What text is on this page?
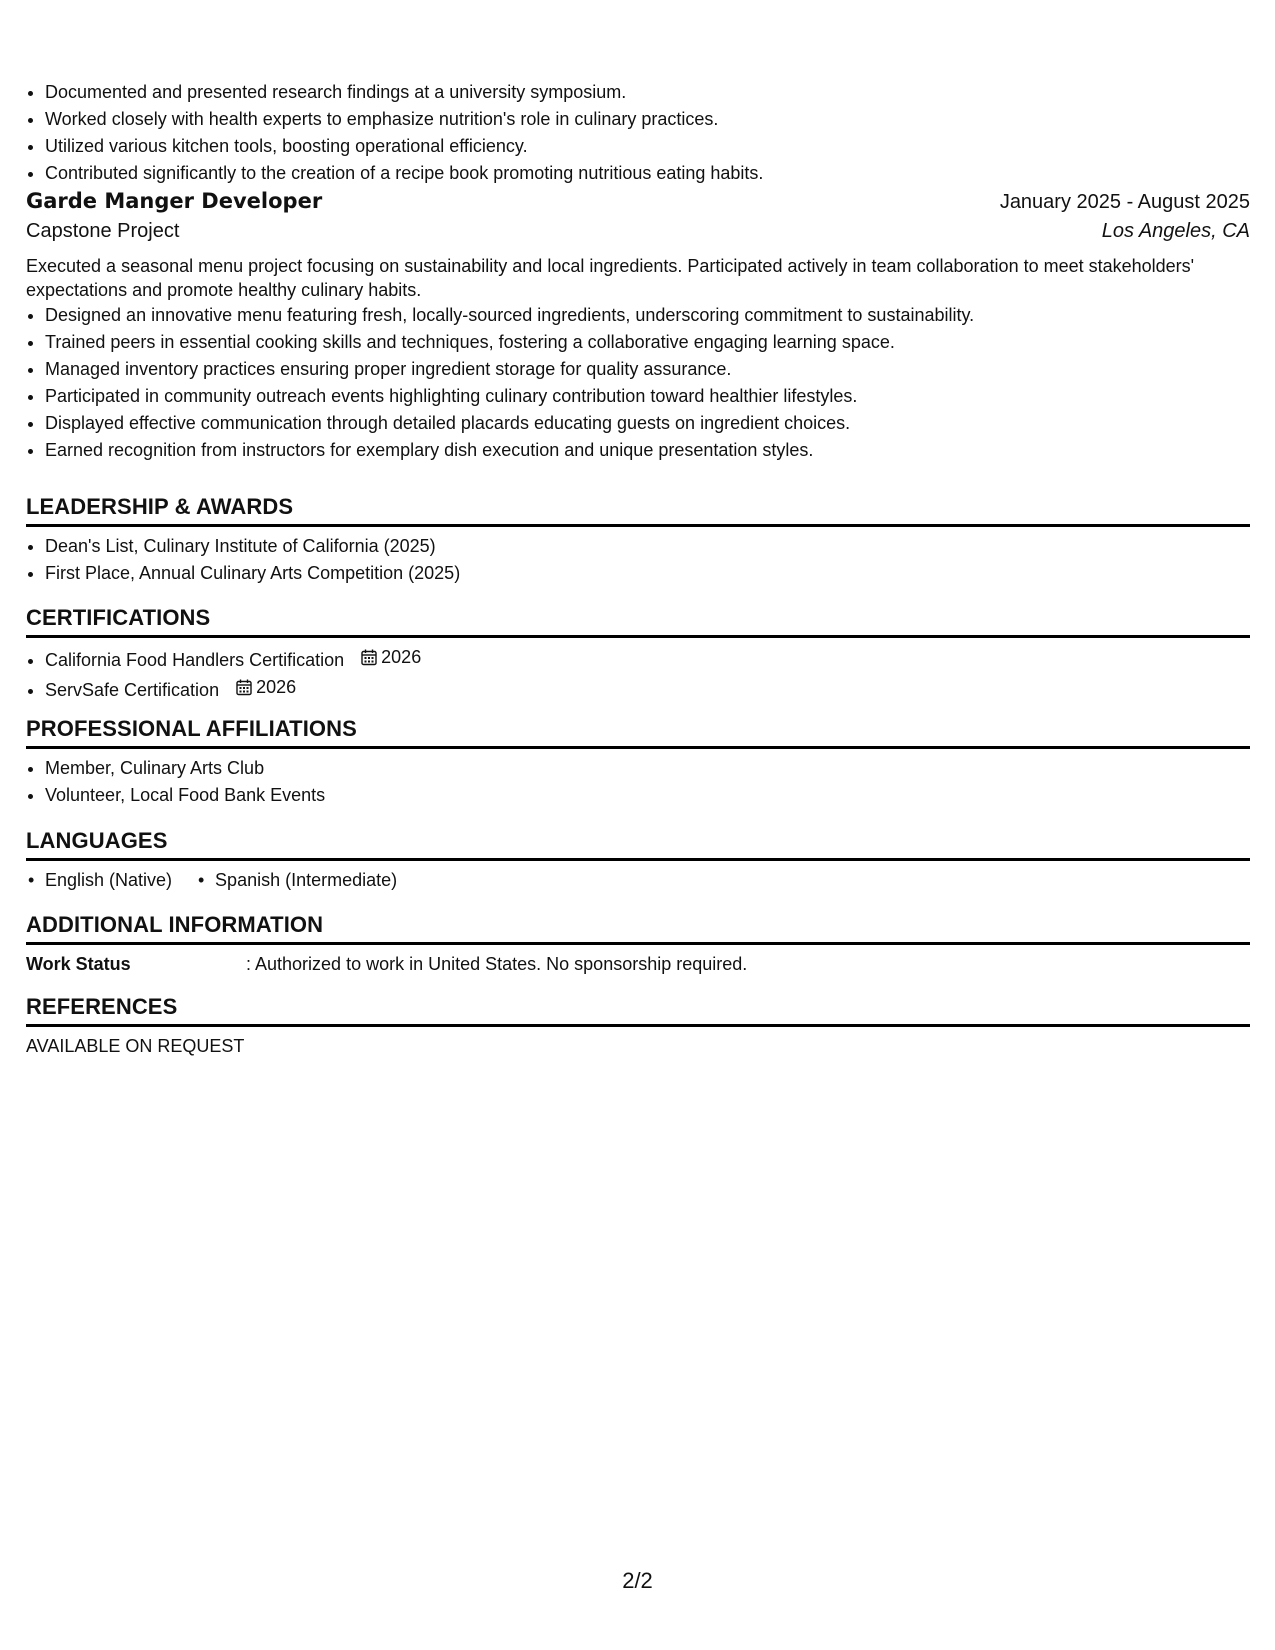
• Documented and presented research findings at a university symposium.
• Worked closely with health experts to emphasize nutrition's role in culinary practices.
• Utilized various kitchen tools, boosting operational efficiency.
• Contributed significantly to the creation of a recipe book promoting nutritious eating habits.
Garde Manger Developer	January 2025 - August 2025
Capstone Project	Los Angeles, CA
Executed a seasonal menu project focusing on sustainability and local ingredients. Participated actively in team collaboration to meet stakeholders' expectations and promote healthy culinary habits.
• Designed an innovative menu featuring fresh, locally-sourced ingredients, underscoring commitment to sustainability.
• Trained peers in essential cooking skills and techniques, fostering a collaborative engaging learning space.
• Managed inventory practices ensuring proper ingredient storage for quality assurance.
• Participated in community outreach events highlighting culinary contribution toward healthier lifestyles.
• Displayed effective communication through detailed placards educating guests on ingredient choices.
• Earned recognition from instructors for exemplary dish execution and unique presentation styles.
LEADERSHIP & AWARDS
• Dean's List, Culinary Institute of California (2025)
• First Place, Annual Culinary Arts Competition (2025)
CERTIFICATIONS
• California Food Handlers Certification 2026
• ServSafe Certification 2026
PROFESSIONAL AFFILIATIONS
• Member, Culinary Arts Club
• Volunteer, Local Food Bank Events
LANGUAGES
• English (Native)
•	Spanish (Intermediate)
ADDITIONAL INFORMATION
Work Status	: Authorized to work in United States. No sponsorship required.
REFERENCES
AVAILABLE ON REQUEST
2/2
